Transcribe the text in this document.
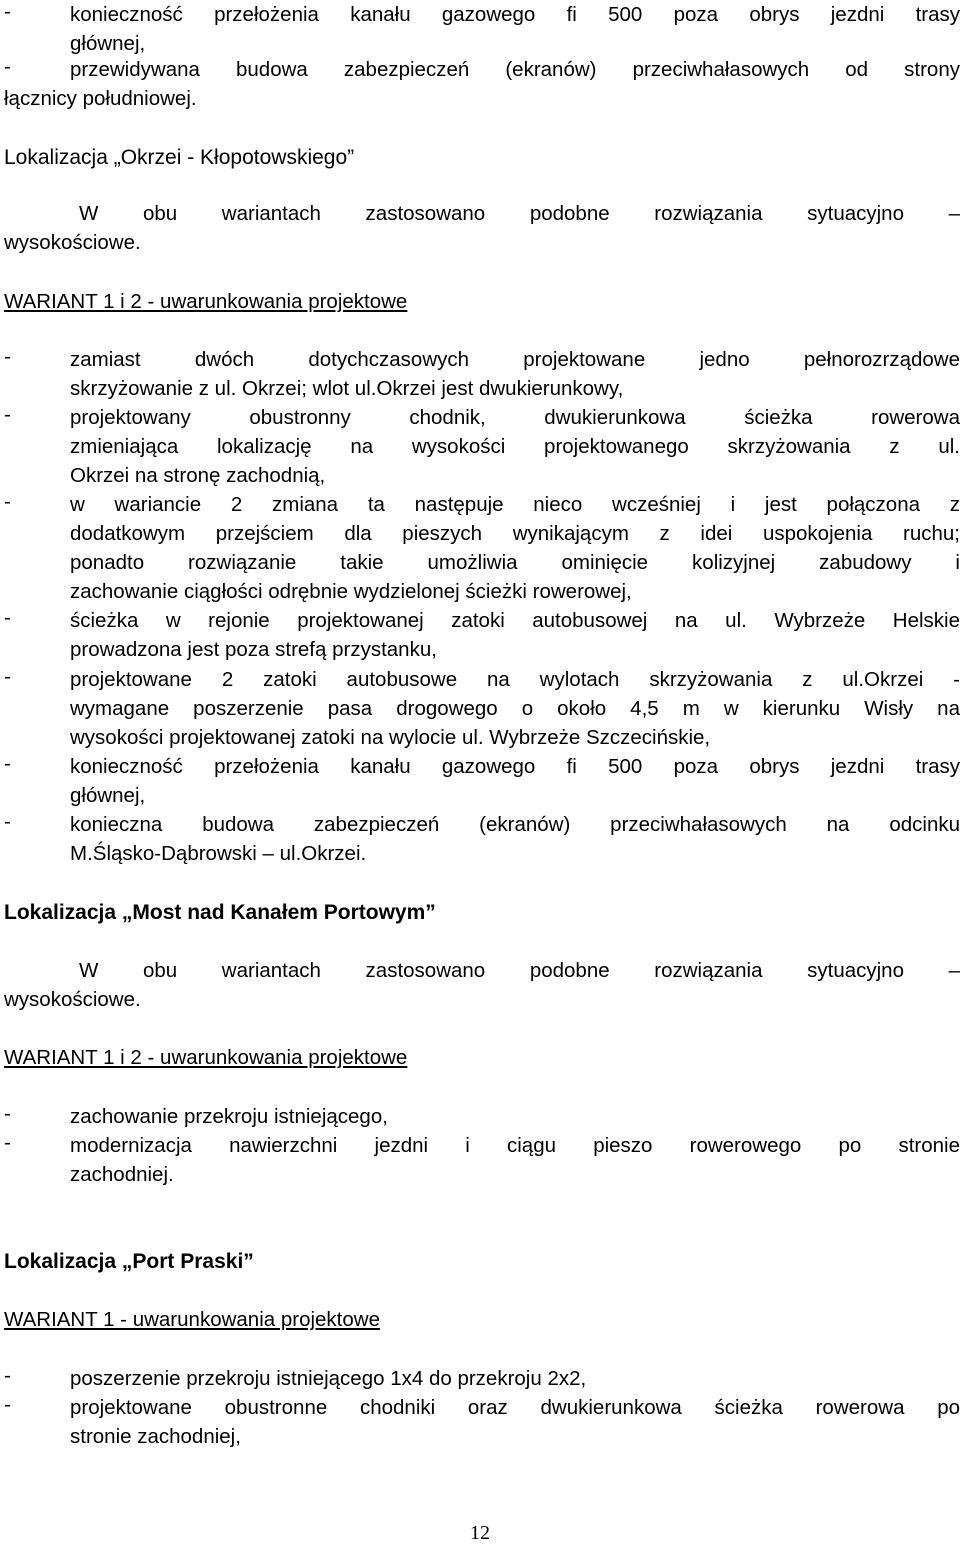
-	konieczność przełożenia kanału gazowego fi 500 poza obrys jezdni trasy

głównej,

-	przewidywana budowa zabezpieczeń (ekranów) przeciwhałasowych od strony

łącznicy południowej.

Lokalizacja „Okrzei - Kłopotowskiego”

W obu wariantach zastosowano podobne rozwiązania sytuacyjno –

wysokościowe.

WARIANT 1 i 2 - uwarunkowania projektowe

-	zamiast dwóch dotychczasowych projektowane jedno pełnorozrządowe

skrzyżowanie z ul. Okrzei; wlot ul.Okrzei jest dwukierunkowy,

-	projektowany obustronny chodnik, dwukierunkowa ścieżka rowerowa

zmieniająca lokalizację na wysokości projektowanego skrzyżowania z ul.

Okrzei na stronę zachodnią,

-	w wariancie 2 zmiana ta następuje nieco wcześniej i jest połączona z

dodatkowym przejściem dla pieszych wynikającym z idei uspokojenia ruchu;

ponadto rozwiązanie takie umożliwia ominięcie kolizyjnej zabudowy i

zachowanie ciągłości odrębnie wydzielonej ścieżki rowerowej,

-	ścieżka w rejonie projektowanej zatoki autobusowej na ul. Wybrzeże Helskie

prowadzona jest poza strefą przystanku,

-	projektowane 2 zatoki autobusowe na wylotach skrzyżowania z ul.Okrzei -

wymagane poszerzenie pasa drogowego o około 4,5 m w kierunku Wisły na

wysokości projektowanej zatoki na wylocie ul. Wybrzeże Szczecińskie,

-	konieczność przełożenia kanału gazowego fi 500 poza obrys jezdni trasy

głównej,

-	konieczna budowa zabezpieczeń (ekranów) przeciwhałasowych na odcinku

M.Śląsko-Dąbrowski – ul.Okrzei.

Lokalizacja „Most nad Kanałem Portowym”

W obu wariantach zastosowano podobne rozwiązania sytuacyjno –

wysokościowe.

WARIANT 1 i 2 - uwarunkowania projektowe

-	zachowanie przekroju istniejącego,

-	modernizacja nawierzchni jezdni i ciągu pieszo rowerowego po stronie

zachodniej.

Lokalizacja „Port Praski”

WARIANT 1 - uwarunkowania projektowe

-	poszerzenie przekroju istniejącego 1x4 do przekroju 2x2,

-	projektowane obustronne chodniki oraz dwukierunkowa ścieżka rowerowa po

stronie zachodniej,

12
